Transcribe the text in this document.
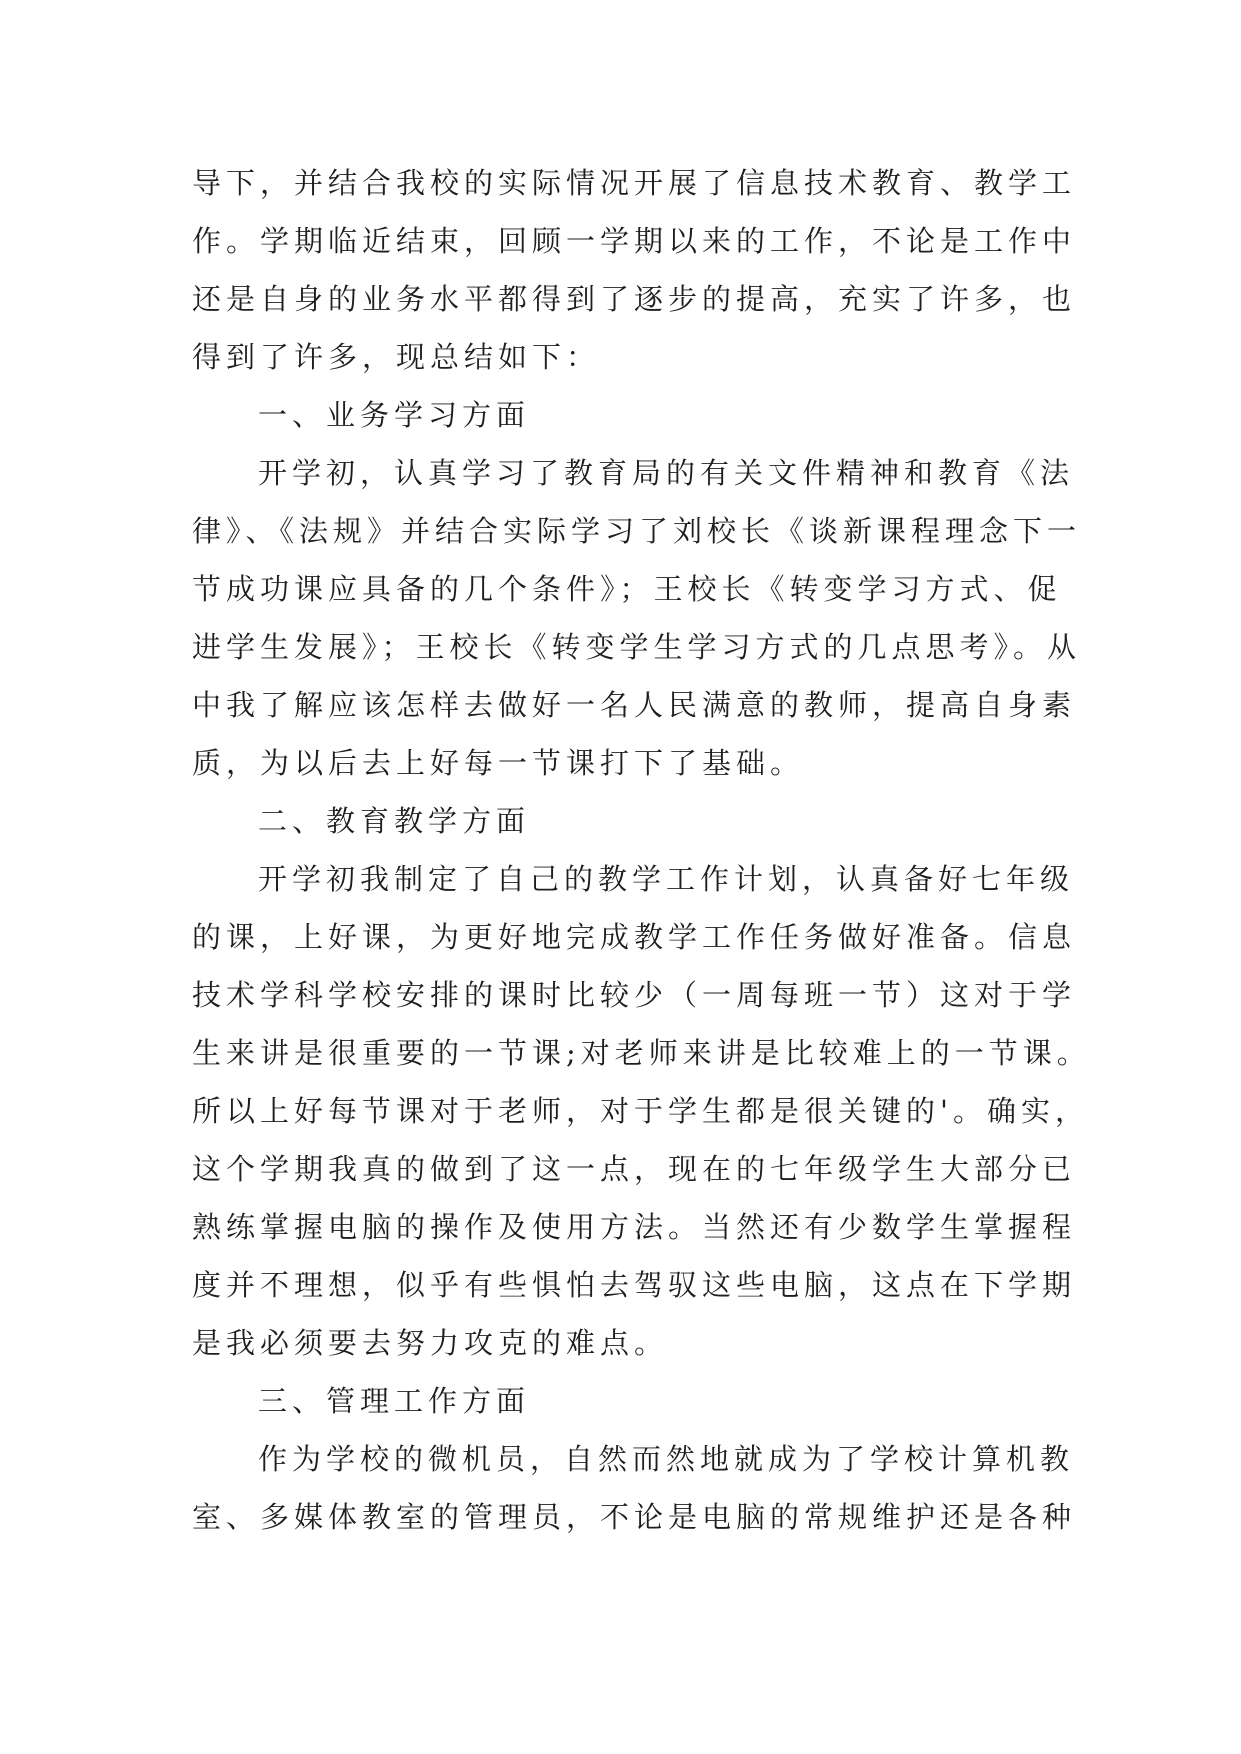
导下，并结合我校的实际情况开展了信息技术教育、教学工
作。学期临近结束，回顾一学期以来的工作，不论是工作中
还是自身的业务水平都得到了逐步的提高，充实了许多，也
得到了许多，现总结如下：
一、业务学习方面
开学初，认真学习了教育局的有关文件精神和教育《法
律》、《法规》并结合实际学习了刘校长《谈新课程理念下一
节成功课应具备的几个条件》；王校长《转变学习方式、促
进学生发展》；王校长《转变学生学习方式的几点思考》。从
中我了解应该怎样去做好一名人民满意的教师，提高自身素
质，为以后去上好每一节课打下了基础。
二、教育教学方面
开学初我制定了自己的教学工作计划，认真备好七年级
的课，上好课，为更好地完成教学工作任务做好准备。信息
技术学科学校安排的课时比较少（一周每班一节）这对于学
生来讲是很重要的一节课;对老师来讲是比较难上的一节课。
所以上好每节课对于老师，对于学生都是很关键的'。确实，
这个学期我真的做到了这一点，现在的七年级学生大部分已
熟练掌握电脑的操作及使用方法。当然还有少数学生掌握程
度并不理想，似乎有些惧怕去驾驭这些电脑，这点在下学期
是我必须要去努力攻克的难点。
三、管理工作方面
作为学校的微机员，自然而然地就成为了学校计算机教
室、多媒体教室的管理员，不论是电脑的常规维护还是各种
